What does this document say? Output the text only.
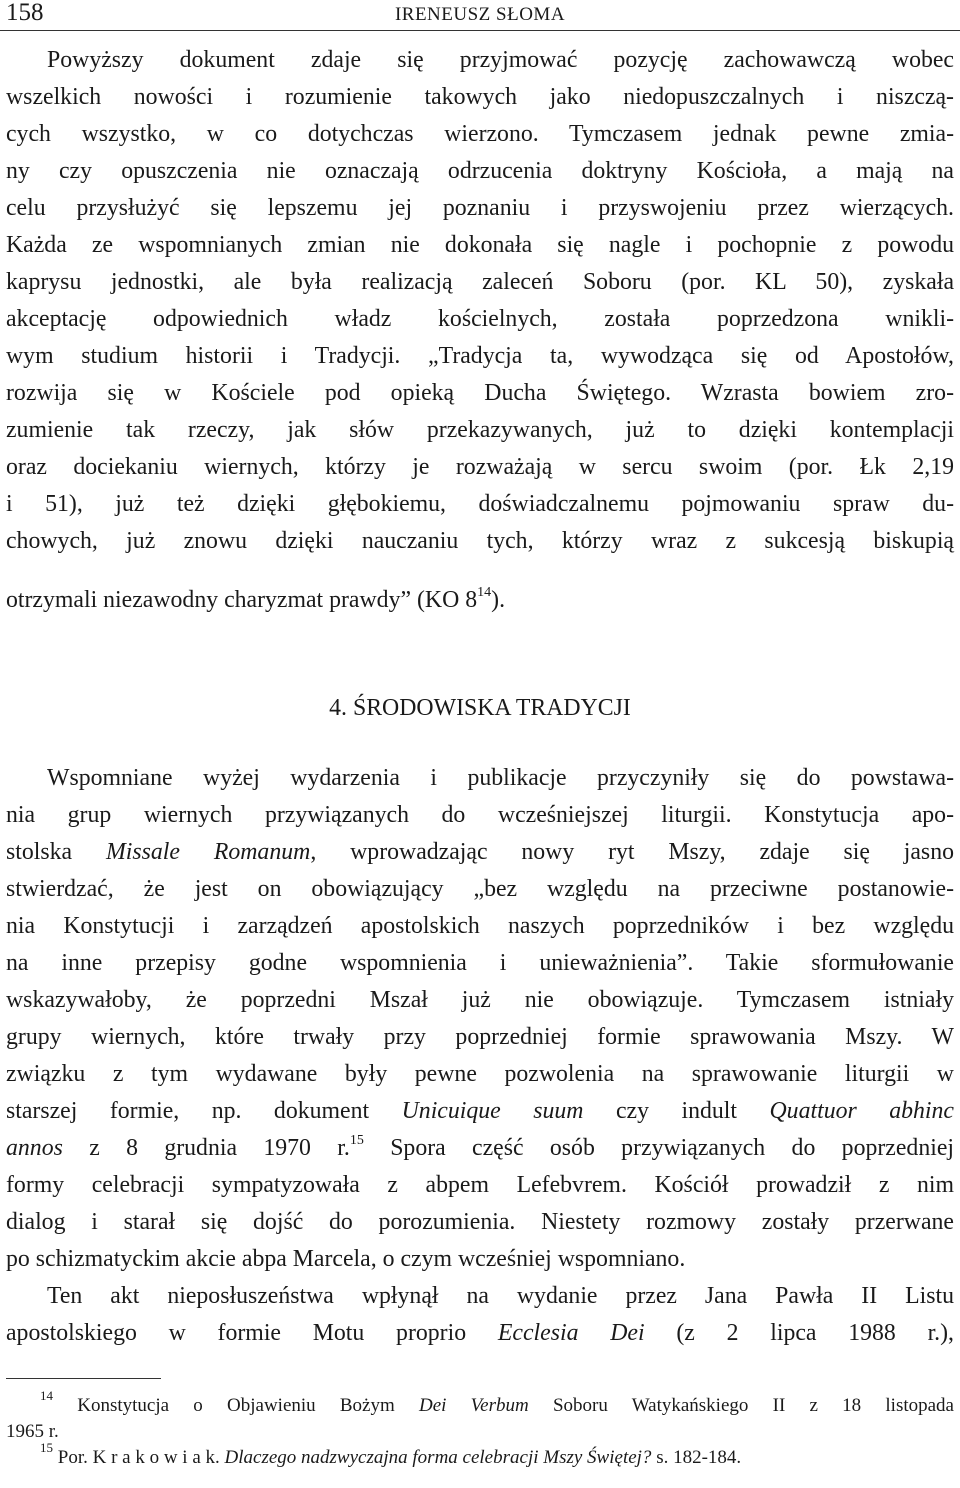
158	IRENEUSZ SŁOMA
Powyższy dokument zdaje się przyjmować pozycję zachowawczą wobec
wszelkich nowości i rozumienie takowych jako niedopuszczalnych i niszczą-
cych wszystko, w co dotychczas wierzono. Tymczasem jednak pewne zmia-
ny czy opuszczenia nie oznaczają odrzucenia doktryny Kościoła, a mają na
celu przysłużyć się lepszemu jej poznaniu i przyswojeniu przez wierzących.
Każda ze wspomnianych zmian nie dokonała się nagle i pochopnie z powodu
kaprysu jednostki, ale była realizacją zaleceń Soboru (por. KL 50), zyskała
akceptację odpowiednich władz kościelnych, została poprzedzona wnikli-
wym studium historii i Tradycji. „Tradycja ta, wywodząca się od Apostołów,
rozwija się w Kościele pod opieką Ducha Świętego. Wzrasta bowiem zro-
zumienie tak rzeczy, jak słów przekazywanych, już to dzięki kontemplacji
oraz dociekaniu wiernych, którzy je rozważają w sercu swoim (por. Łk 2,19
i 51), już też dzięki głębokiemu, doświadczalnemu pojmowaniu spraw du-
chowych, już znowu dzięki nauczaniu tych, którzy wraz z sukcesją biskupią
otrzymali niezawodny charyzmat prawdy” (KO $8^{14}$).
4. ŚRODOWISKA TRADYCJI
Wspomniane wyżej wydarzenia i publikacje przyczyniły się do powstawa-
nia grup wiernych przywiązanych do wcześniejszej liturgii. Konstytucja apo-
stolska Missale Romanum, wprowadzając nowy ryt Mszy, zdaje się jasno
stwierdzać, że jest on obowiązujący „bez względu na przeciwne postanowie-
nia Konstytucji i zarządzeń apostolskich naszych poprzedników i bez względu
na inne przepisy godne wspomnienia i unieważnienia”. Takie sformułowanie
wskazywałoby, że poprzedni Mszał już nie obowiązuje. Tymczasem istniały
grupy wiernych, które trwały przy poprzedniej formie sprawowania Mszy. W
związku z tym wydawane były pewne pozwolenia na sprawowanie liturgii w
starszej formie, np. dokument Unicuique suum czy indult Quattuor abhinc
annos z 8 grudnia 1970 r.$^{15}$ Spora część osób przywiązanych do poprzedniej
formy celebracji sympatyzowała z abpem Lefebvrem. Kościół prowadził z nim
dialog i starał się dojść do porozumienia. Niestety rozmowy zostały przerwane
po schizmatyckim akcie abpa Marcela, o czym wcześniej wspomniano.
Ten akt nieposłuszeństwa wpłynął na wydanie przez Jana Pawła II Listu
apostolskiego w formie Motu proprio Ecclesia Dei (z 2 lipca 1988 r.),
$^{14}$ Konstytucja o Objawieniu Bożym Dei Verbum Soboru Watykańskiego II z 18 listopada
1965 r.
$^{15}$ Por. K r a k o w i a k. Dlaczego nadzwyczajna forma celebracji Mszy Świętej? s. 182-184.
